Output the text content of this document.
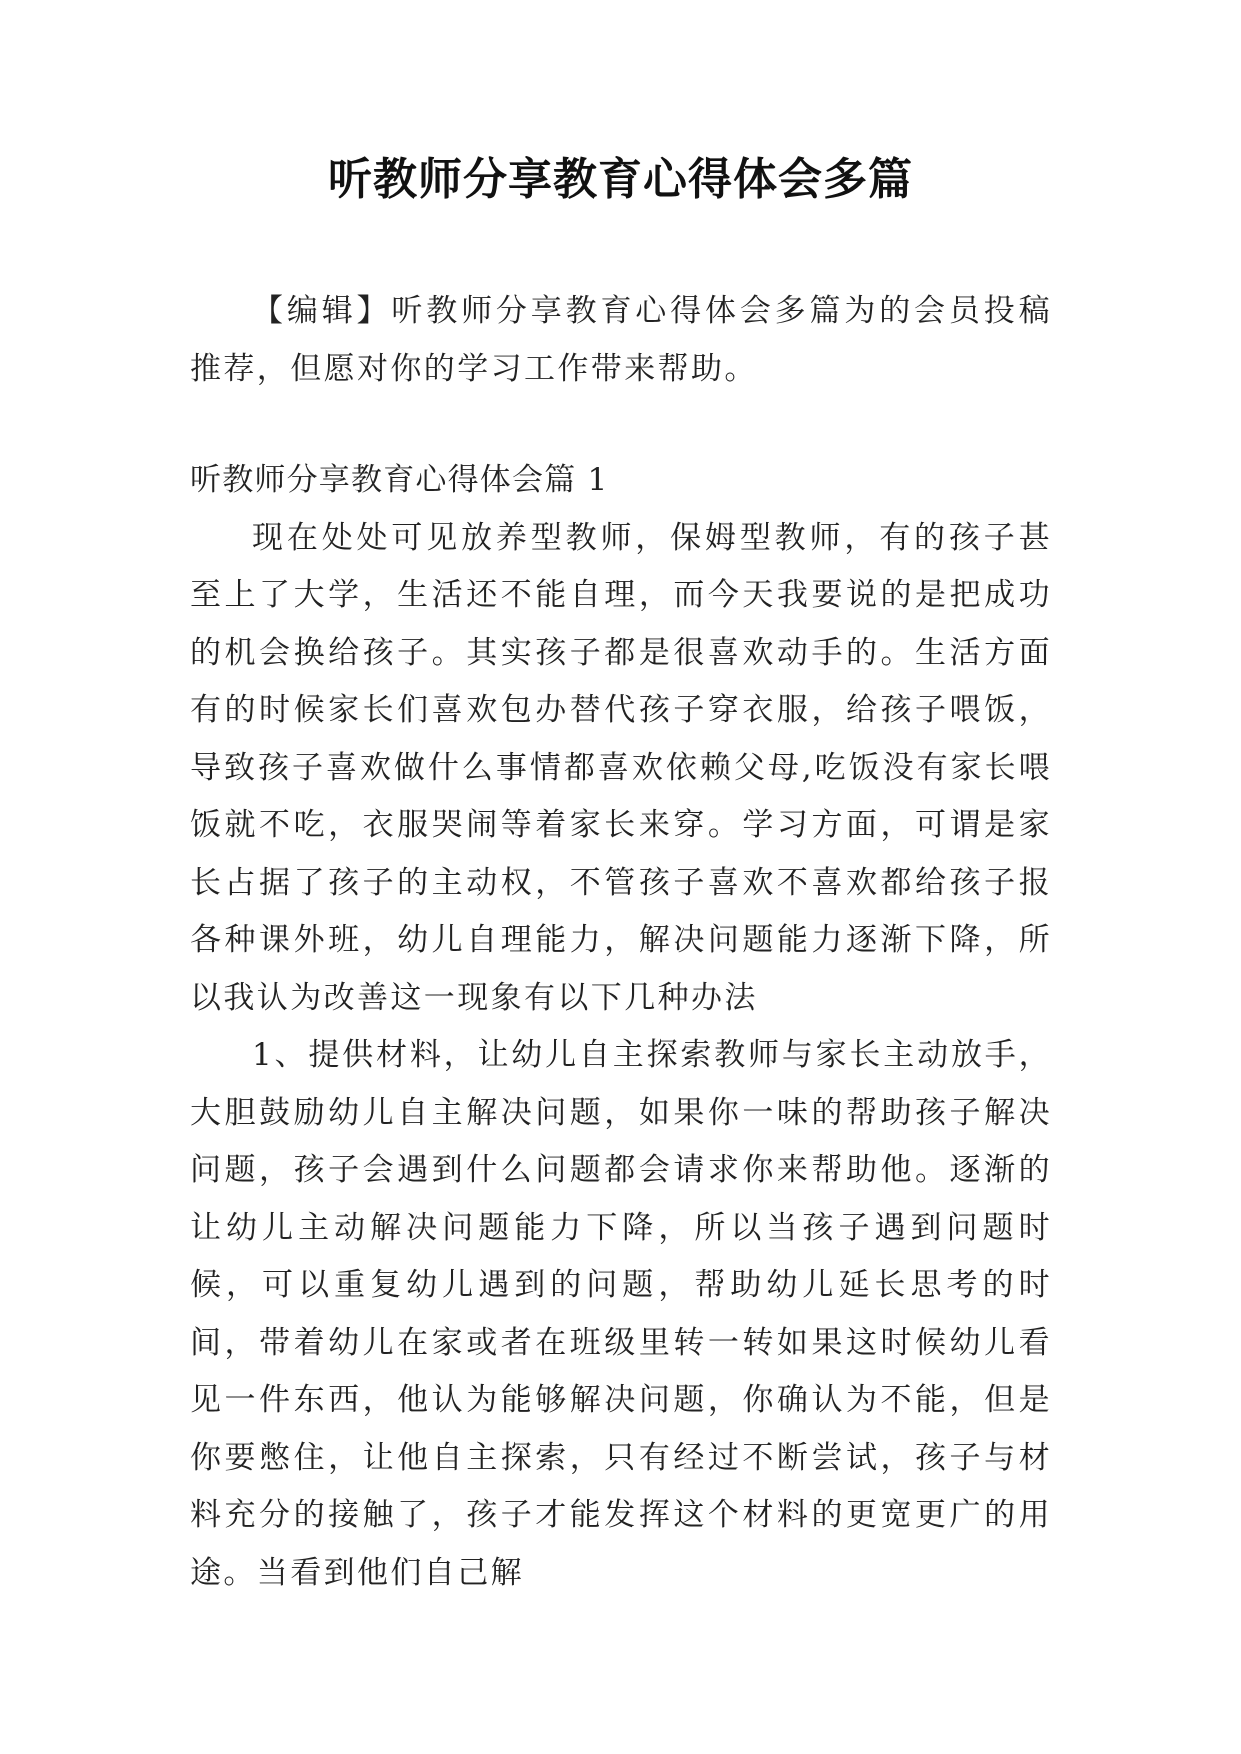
听教师分享教育心得体会多篇

【编辑】听教师分享教育心得体会多篇为的会员投稿推荐，但愿对你的学习工作带来帮助。

听教师分享教育心得体会篇 1

现在处处可见放养型教师，保姆型教师，有的孩子甚至上了大学，生活还不能自理，而今天我要说的是把成功的机会换给孩子。其实孩子都是很喜欢动手的。生活方面有的时候家长们喜欢包办替代孩子穿衣服，给孩子喂饭，导致孩子喜欢做什么事情都喜欢依赖父母,吃饭没有家长喂饭就不吃，衣服哭闹等着家长来穿。学习方面，可谓是家长占据了孩子的主动权，不管孩子喜欢不喜欢都给孩子报各种课外班，幼儿自理能力，解决问题能力逐渐下降，所以我认为改善这一现象有以下几种办法

1、提供材料，让幼儿自主探索教师与家长主动放手，大胆鼓励幼儿自主解决问题，如果你一味的帮助孩子解决问题，孩子会遇到什么问题都会请求你来帮助他。逐渐的让幼儿主动解决问题能力下降，所以当孩子遇到问题时候，可以重复幼儿遇到的问题，帮助幼儿延长思考的时间，带着幼儿在家或者在班级里转一转如果这时候幼儿看见一件东西，他认为能够解决问题，你确认为不能，但是你要憋住，让他自主探索，只有经过不断尝试，孩子与材料充分的接触了，孩子才能发挥这个材料的更宽更广的用途。当看到他们自己解
